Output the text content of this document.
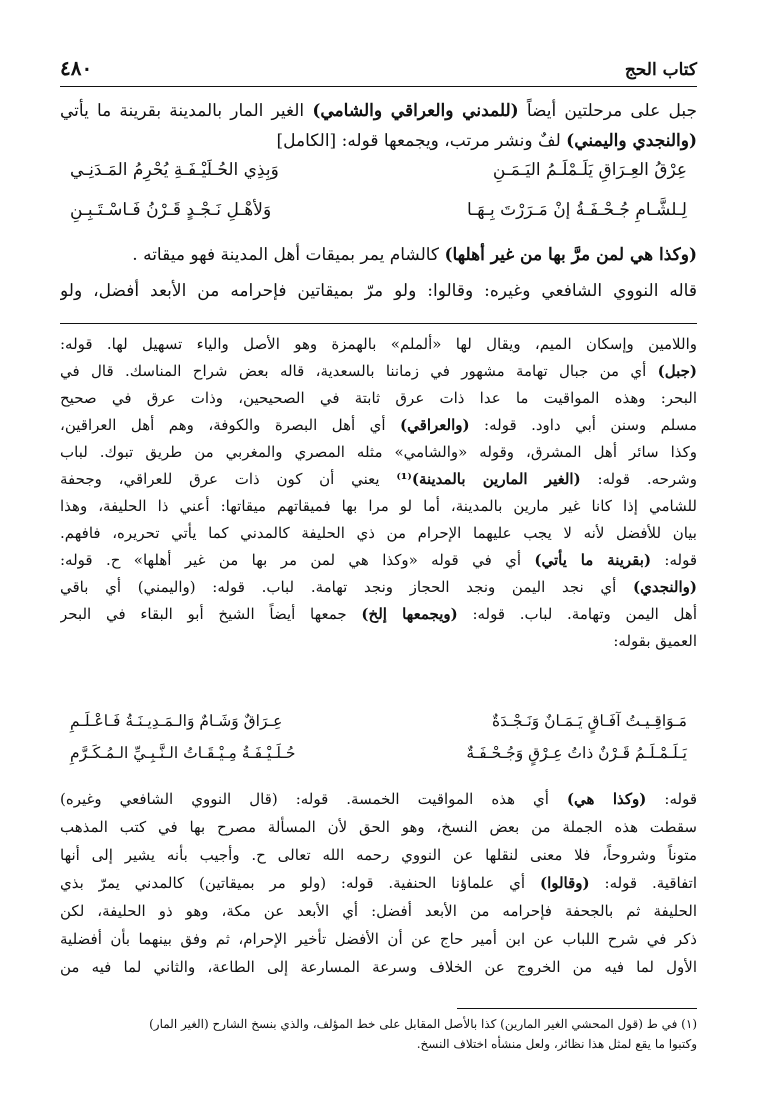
٤٨٠	كتاب الحج
جبل على مرحلتين أيضاً (للمدني والعراقي والشامي) الغير المار بالمدينة بقرينة ما يأتي
(والنجدي واليمني) لفٌ ونشر مرتب، ويجمعها قوله: [الكامل]
عِرْقُ العِـرَاقِ يَلَـمْلَـمُ اليَـمَـنِ
وَبِذِي الحُـلَيْـفَـةِ يُحْرِمُ المَـدَنِـي
لِـلشَّـامِ جُـحْـفَـةُ إنْ مَـرَرْتَ بِـهَـا
وَلأهْـلِ نَـجْـدٍ قَـرْنُ فَـاسْـتَـبِـنِ
(وكذا هي لمن مرَّ بها من غير أهلها) كالشام يمر بميقات أهل المدينة فهو ميقاته .
قاله النووي الشافعي وغيره: وقالوا: ولو مرّ بميقاتين فإحرامه من الأبعد أفضل، ولو
واللامين وإسكان الميم، ويقال لها «ألملم» بالهمزة وهو الأصل والياء تسهيل لها. قوله:
(جبل) أي من جبال تهامة مشهور في زماننا بالسعدية، قاله بعض شراح المناسك. قال في
البحر: وهذه المواقيت ما عدا ذات عرق ثابتة في الصحيحين، وذات عرق في صحيح
مسلم وسنن أبي داود. قوله: (والعراقي) أي أهل البصرة والكوفة، وهم أهل العراقين،
وكذا سائر أهل المشرق، وقوله «والشامي» مثله المصري والمغربي من طريق تبوك. لباب
وشرحه. قوله: (الغير المارين بالمدينة)⁽¹⁾ يعني أن كون ذات عرق للعراقي، وجحفة
للشامي إذا كانا غير مارين بالمدينة، أما لو مرا بها فميقاتهم ميقاتها: أعني ذا الحليفة، وهذا
بيان للأفضل لأنه لا يجب عليهما الإحرام من ذي الحليفة كالمدني كما يأتي تحريره، فافهم.
قوله: (بقرينة ما يأتي) أي في قوله «وكذا هي لمن مر بها من غير أهلها» ح. قوله:
(والنجدي) أي نجد اليمن ونجد الحجاز ونجد تهامة. لباب. قوله: (واليمني) أي باقي
أهل اليمن وتهامة. لباب. قوله: (ويجمعها إلخ) جمعها أيضاً الشيخ أبو البقاء في البحر
العميق بقوله:
مَـوَاقِـيـتُ آفَـاقٍ يَـمَـانٌ وَنَـجْـدَةٌ
عِـرَاقٌ وَشَـامٌ وَالـمَـدِيـنَـةُ فَـاعْـلَـمِ
يَـلَـمْـلَـمُ قَـرْنٌ ذاتُ عِـرْقٍ وَجُـحْـفَـةٌ
حُـلَـيْـفَـةُ مِـيْـقَـاتُ الـنَّـبِـيِّ الـمُـكَـرَّمِ
قوله: (وكذا هي) أي هذه المواقيت الخمسة. قوله: (قال النووي الشافعي وغيره)
سقطت هذه الجملة من بعض النسخ، وهو الحق لأن المسألة مصرح بها في كتب المذهب
متوناً وشروحاً، فلا معنى لنقلها عن النووي رحمه الله تعالى ح. وأجيب بأنه يشير إلى أنها
اتفاقية. قوله: (وقالوا) أي علماؤنا الحنفية. قوله: (ولو مر بميقاتين) كالمدني يمرّ بذي
الحليفة ثم بالجحفة فإحرامه من الأبعد أفضل: أي الأبعد عن مكة، وهو ذو الحليفة، لكن
ذكر في شرح اللباب عن ابن أمير حاج عن أن الأفضل تأخير الإحرام، ثم وفق بينهما بأن أفضلية
الأول لما فيه من الخروج عن الخلاف وسرعة المسارعة إلى الطاعة، والثاني لما فيه من
(١) في ط (قول المحشي الغير المارين) كذا بالأصل المقابل على خط المؤلف، والذي بنسخ الشارح (الغير المار)
وكتبوا ما يقع لمثل هذا نظائر، ولعل منشأه اختلاف النسخ.
